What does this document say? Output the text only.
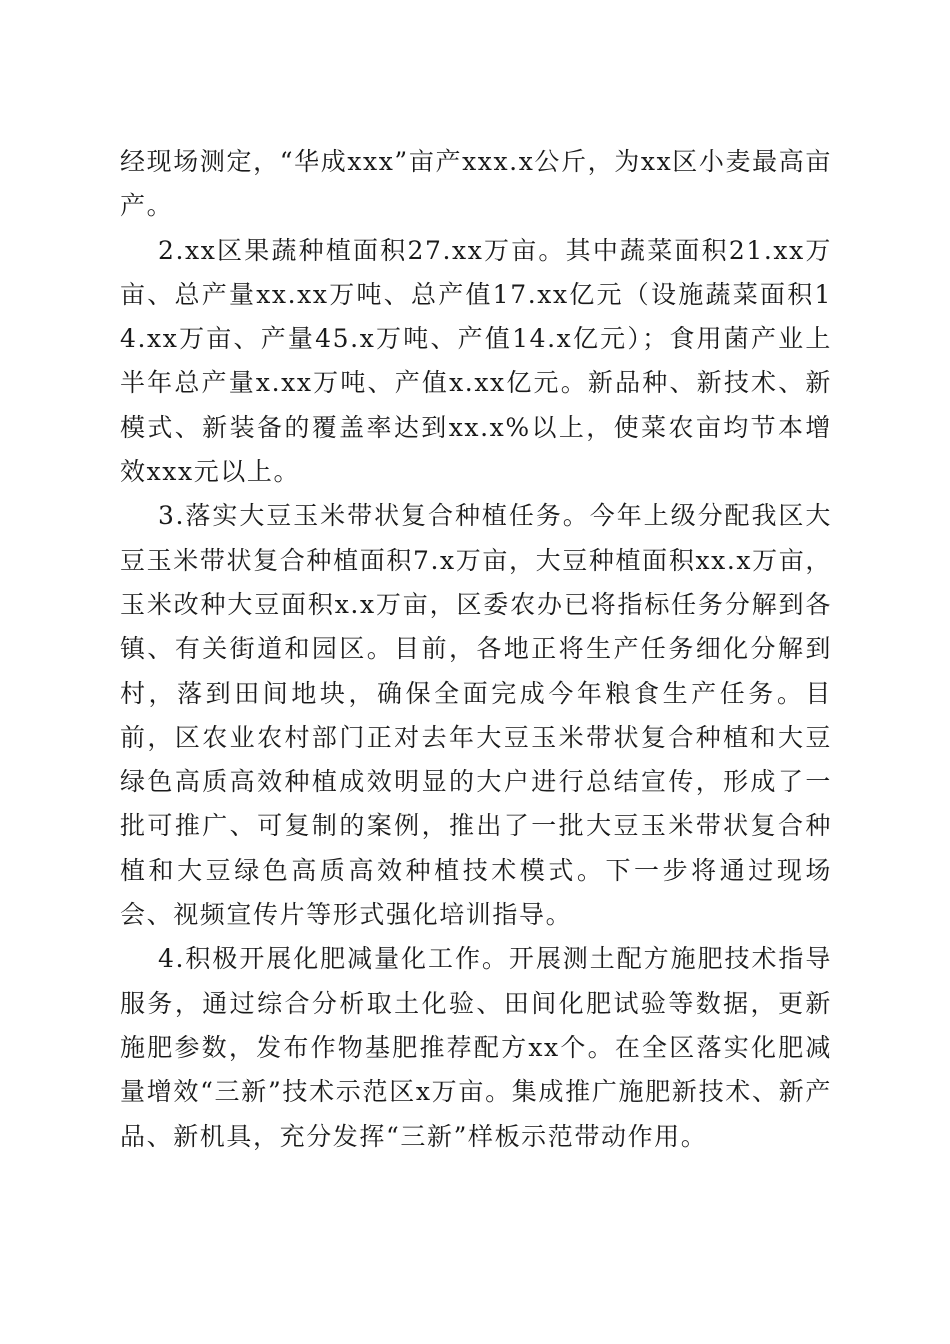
经现场测定，“华成xxx”亩产xxx.x公斤，为xx区小麦最高亩产。

2.xx区果蔬种植面积27.xx万亩。其中蔬菜面积21.xx万亩、总产量xx.xx万吨、总产值17.xx亿元（设施蔬菜面积14.xx万亩、产量45.x万吨、产值14.x亿元）；食用菌产业上半年总产量x.xx万吨、产值x.xx亿元。新品种、新技术、新模式、新装备的覆盖率达到xx.x%以上，使菜农亩均节本增效xxx元以上。

3.落实大豆玉米带状复合种植任务。今年上级分配我区大豆玉米带状复合种植面积7.x万亩，大豆种植面积xx.x万亩，玉米改种大豆面积x.x万亩，区委农办已将指标任务分解到各镇、有关街道和园区。目前，各地正将生产任务细化分解到村，落到田间地块，确保全面完成今年粮食生产任务。目前，区农业农村部门正对去年大豆玉米带状复合种植和大豆绿色高质高效种植成效明显的大户进行总结宣传，形成了一批可推广、可复制的案例，推出了一批大豆玉米带状复合种植和大豆绿色高质高效种植技术模式。下一步将通过现场会、视频宣传片等形式强化培训指导。

4.积极开展化肥减量化工作。开展测土配方施肥技术指导服务，通过综合分析取土化验、田间化肥试验等数据，更新施肥参数，发布作物基肥推荐配方xx个。在全区落实化肥减量增效“三新”技术示范区x万亩。集成推广施肥新技术、新产品、新机具，充分发挥“三新”样板示范带动作用。
